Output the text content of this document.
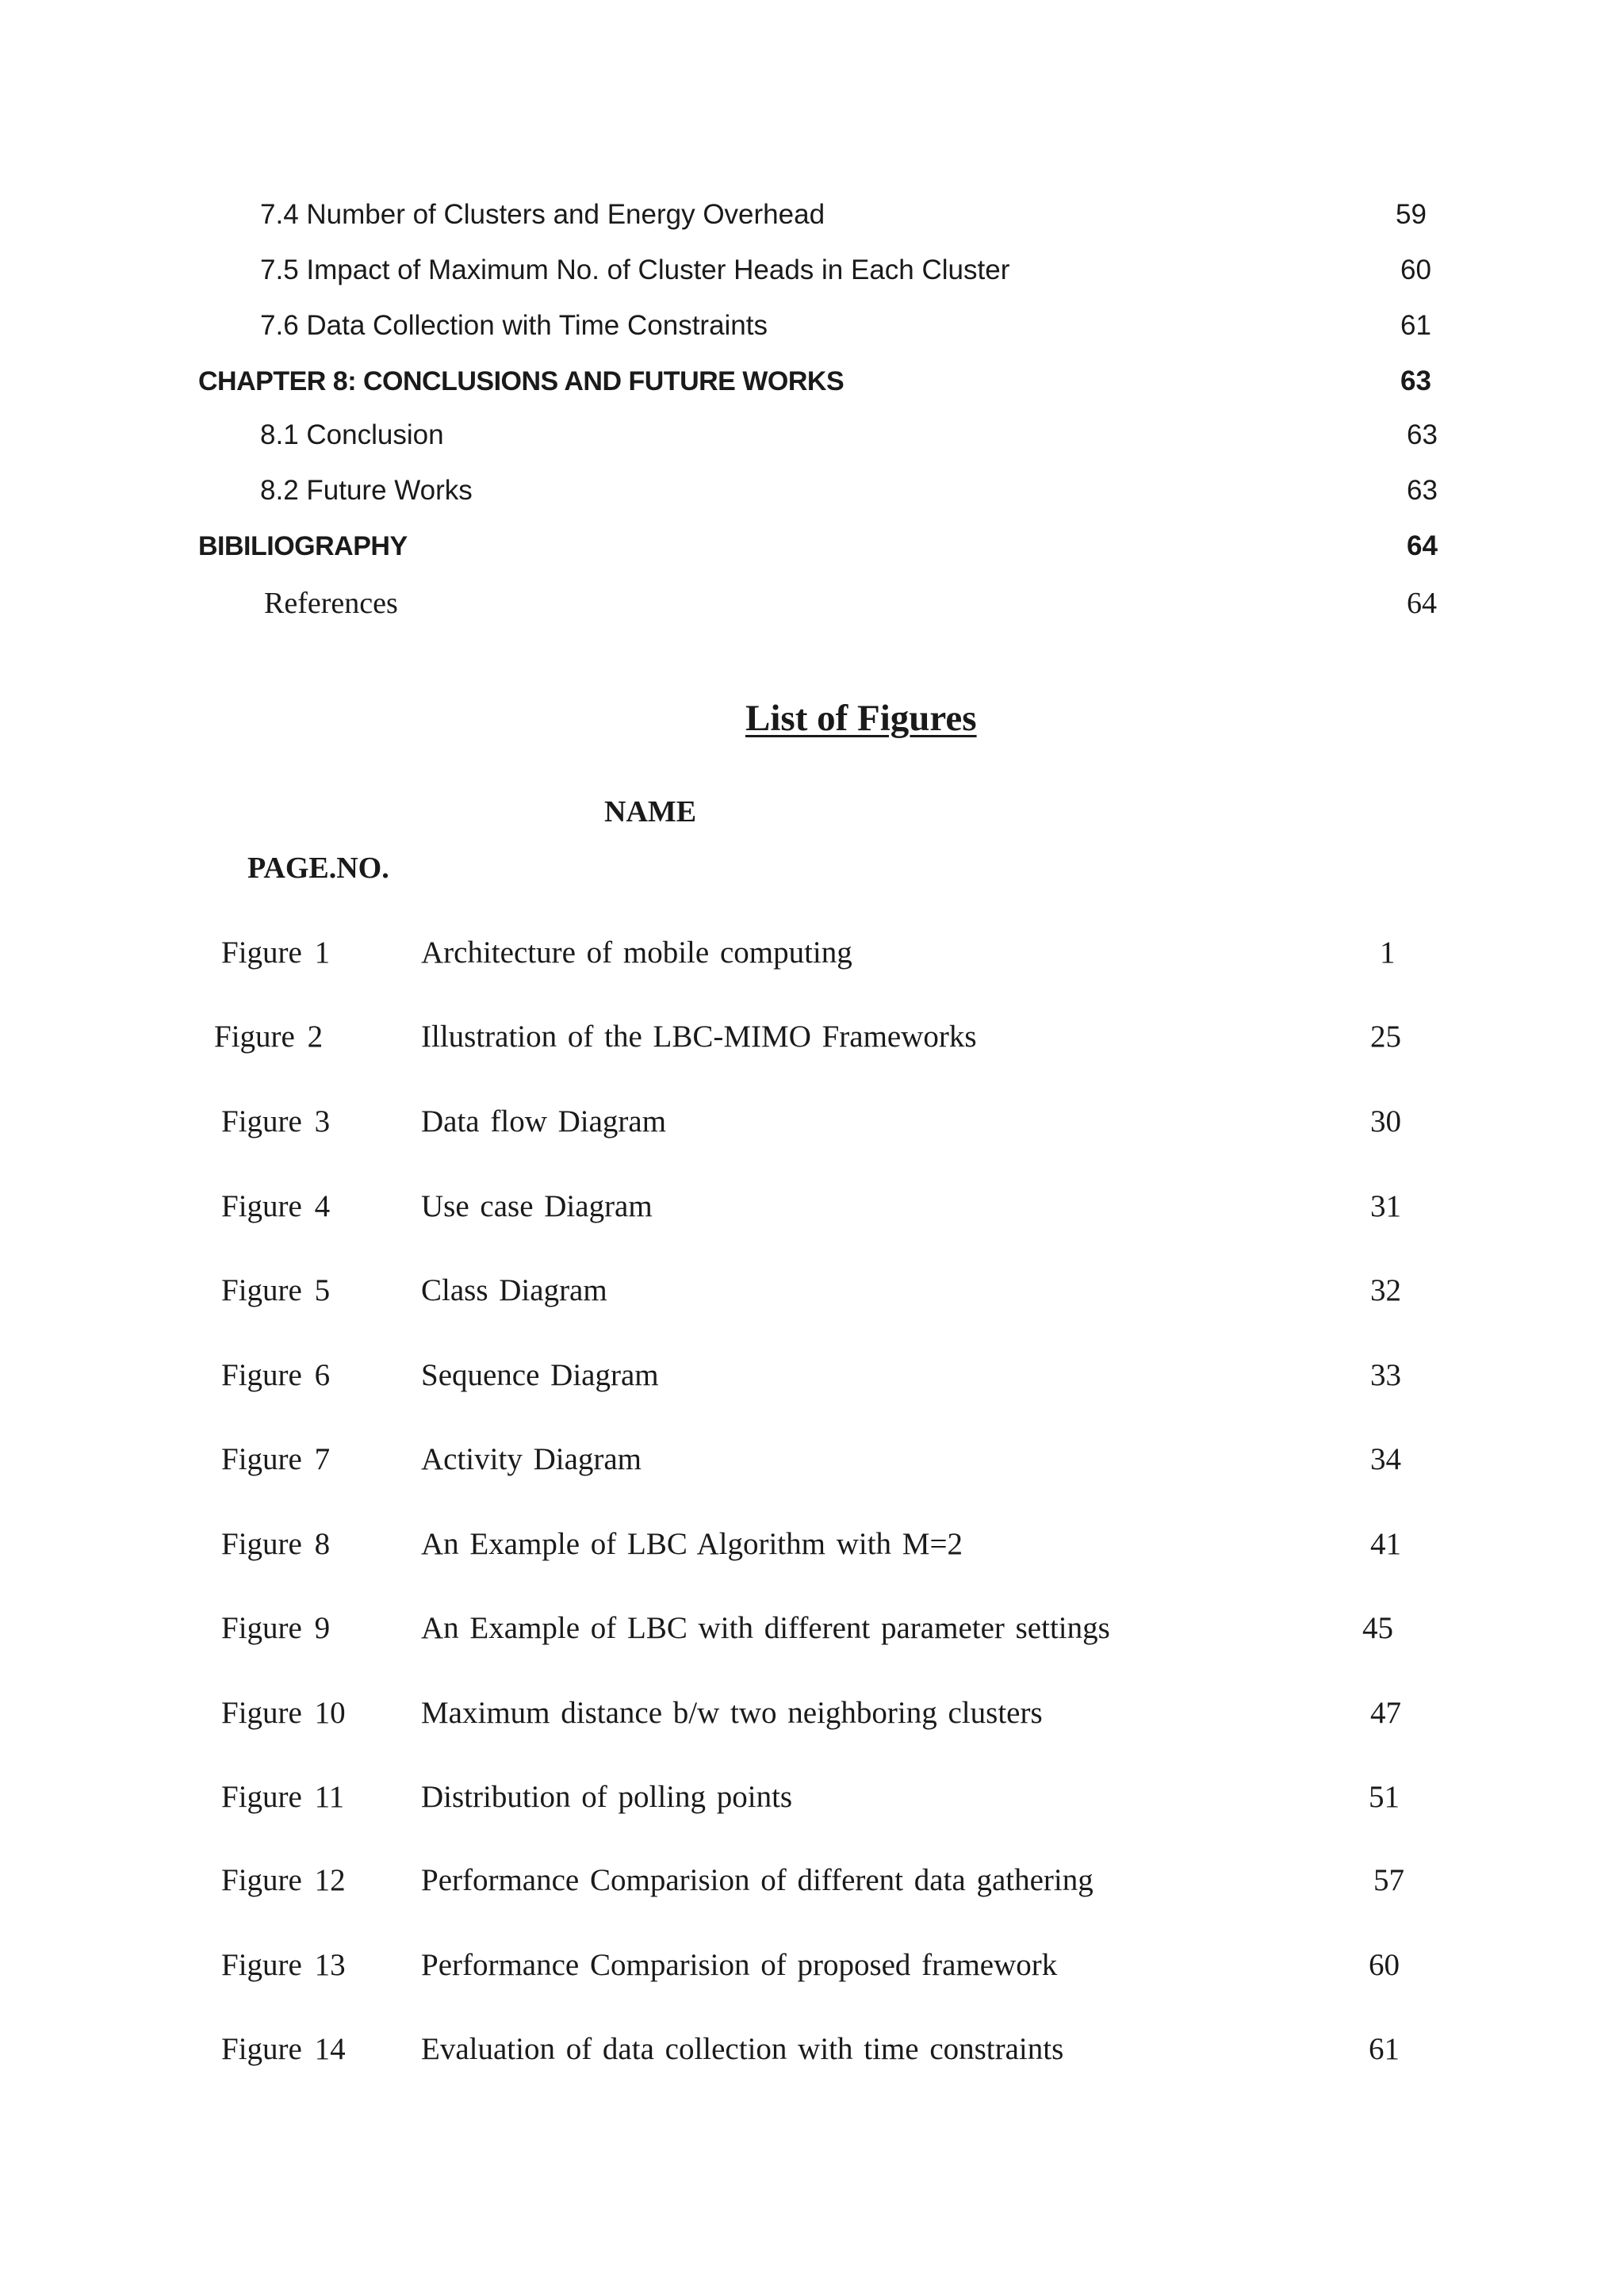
7.4 Number of Clusters and Energy Overhead	59
7.5 Impact of Maximum No. of Cluster Heads in Each Cluster	60
7.6 Data Collection with Time Constraints	61
CHAPTER 8: CONCLUSIONS AND FUTURE WORKS	63
8.1 Conclusion	63
8.2 Future Works	63
BIBILIOGRAPHY	64
References	64
List of Figures
NAME
PAGE.NO.
Figure 1	Architecture of mobile computing	1
Figure 2	Illustration of the LBC-MIMO Frameworks	25
Figure 3	Data flow Diagram	30
Figure 4	Use case Diagram	31
Figure 5	Class Diagram	32
Figure 6	Sequence Diagram	33
Figure 7	Activity Diagram	34
Figure 8	An Example of LBC Algorithm with M=2	41
Figure 9	An Example of LBC with different parameter settings	45
Figure 10 Maximum distance b/w two neighboring clusters	47
Figure 11 Distribution of polling points	51
Figure 12 Performance Comparision of different data gathering	57
Figure 13 Performance Comparision of proposed framework	60
Figure 14 Evaluation of data collection with time constraints	61
